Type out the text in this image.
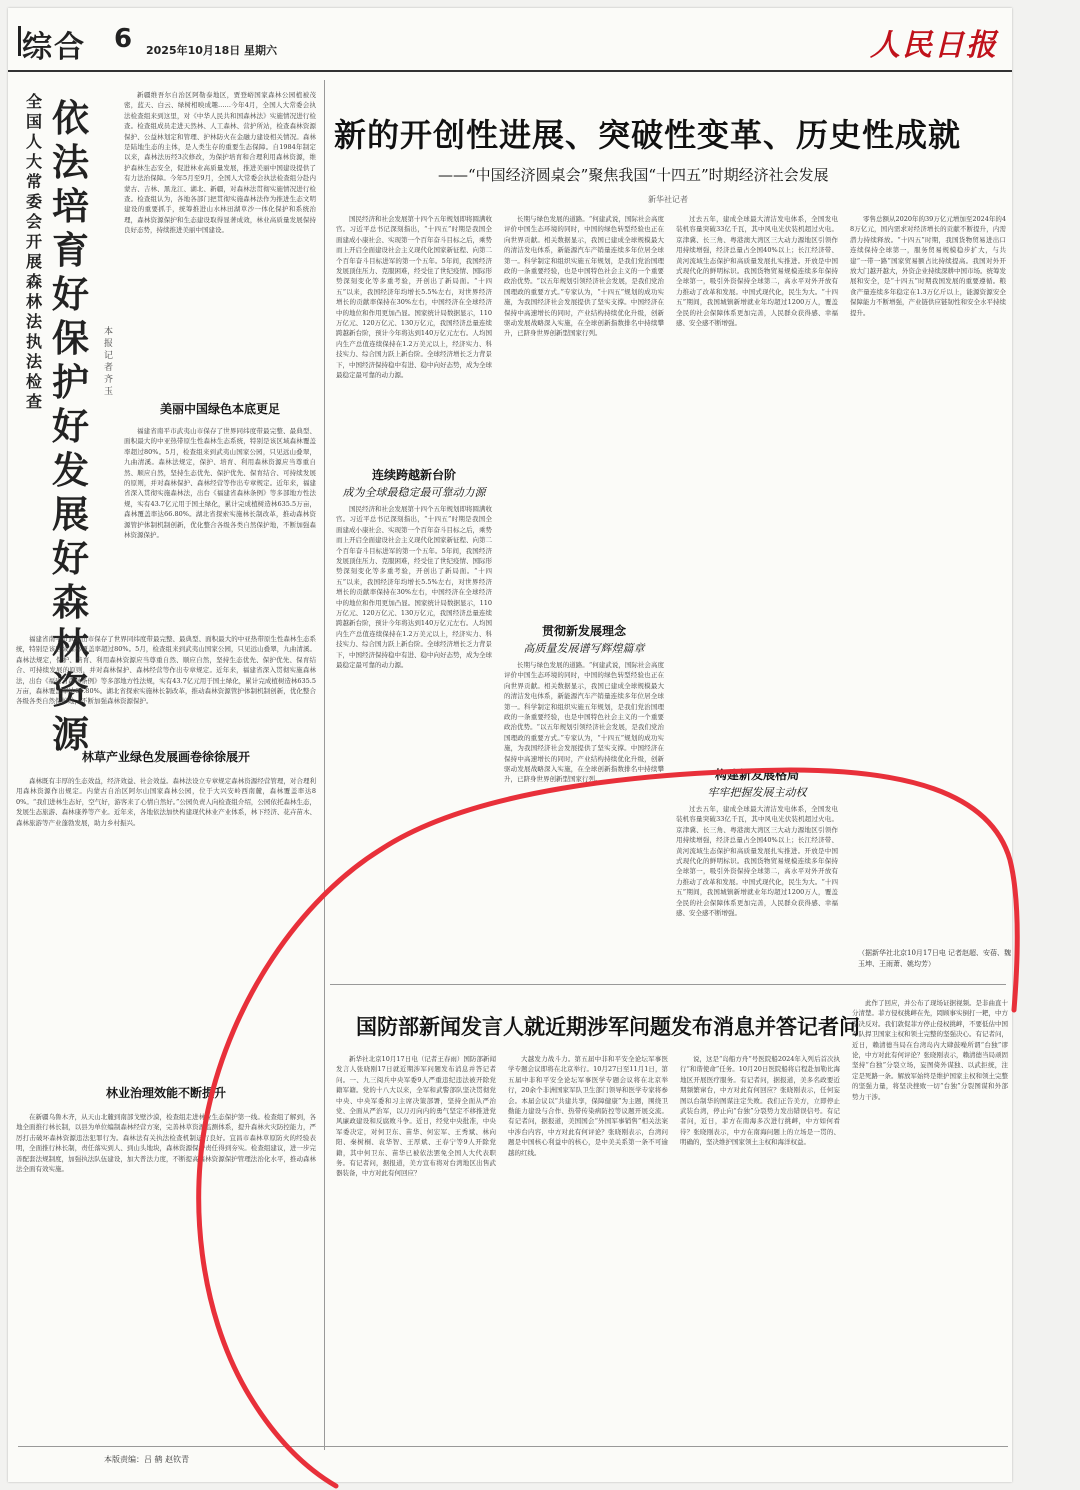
综合 6 2025年10月18日 星期六	人民日报
全国人大常委会开展森林法执法检查
依法培育好保护好发展好森林资源
本报记者 齐玉

新疆维吾尔自治区阿勒泰地区，贾登峪国家森林公园植被茂密，蓝天、白云、绿树相映成趣……今年4月，全国人大常委会执法检查组来到这里，对《中华人民共和国森林法》实施情况进行检查。检查组成员走进天然林、人工森林、营护所站，检查森林资源保护、公益林划定和管理、护林防火在金融力建设相关情况。森林是陆地生态的主体，是人类生存的重要生态保障。自1984年制定以来，森林法历经3次修改，为保护培育和合理利用森林资源，维护森林生态安全，促进林业高质量发展，推进美丽中国建设提供了有力法治保障。今年5月至9月，全国人大常委会执法检查组分赴内蒙古、吉林、黑龙江、湖北、新疆，对森林法贯彻实施情况进行检查。检查组认为，各地各部门把贯彻实施森林法作为推进生态文明建设的重要抓手，统筹推进山水林田湖草沙一体化保护和系统治理，森林资源保护和生态建设取得显著成效，林业高质量发展保持良好态势，持续推进美丽中国建设。

美丽中国绿色本底更足

福建省南平市武夷山市保存了世界同纬度带最完整、最典型、面积最大的中亚热带原生性森林生态系统，特别是该区域森林覆盖率超过80%。5月，检查组来到武夷山国家公园，只见远山叠翠，九曲清溪。森林法规定，保护、培育、利用森林资源应当尊重自然、顺应自然，坚持生态优先、保护优先、保育结合、可持续发展的原则，并对森林保护、森林经营等作出专章规定。近年来，福建省深入贯彻实施森林法，出台《福建省森林条例》等多部地方性法规，实有43.7亿元用于国土绿化，累计完成植树造林635.5万亩，森林覆盖率达66.80%。湖北省探索实施林长制改革，推动森林资源管护体制机制创新，优化整合各级各类自然保护地，不断加强森林资源保护。

福建省南平市武夷山市保存了世界同纬度带最完整、最典型、面积最大的中亚热带原生性森林生态系统，特别是该区域森林覆盖率超过80%。5月，检查组来到武夷山国家公园，只见远山叠翠，九曲清溪。森林法规定，保护、培育、利用森林资源应当尊重自然、顺应自然，坚持生态优先、保护优先、保育结合、可持续发展的原则，并对森林保护、森林经营等作出专章规定。近年来，福建省深入贯彻实施森林法，出台《福建省森林条例》等多部地方性法规，实有43.7亿元用于国土绿化，累计完成植树造林635.5万亩，森林覆盖率达66.80%。湖北省探索实施林长制改革，推动森林资源管护体制机制创新，优化整合各级各类自然保护地，不断加强森林资源保护。

林草产业绿色发展画卷徐徐展开

森林既有丰厚的生态效益，经济效益、社会效益。森林法设立专章规定森林资源经营管理，对合理利用森林资源作出规定。内蒙古自治区阿尔山国家森林公园，位于大兴安岭西南麓，森林覆盖率达80%。“我们进林生态好，空气好，游客来了心情自然好。”公园负责人向检查组介绍，公园依托森林生态，发展生态旅游、森林康养等产业。近年来，各地依法加快构建现代林业产业体系，林下经济、花卉苗木、森林旅游等产业蓬勃发展，助力乡村振兴。

林业治理效能不断提升

在新疆乌鲁木齐，从天山北麓到南部戈壁沙漠，检查组走进林业生态保护第一线。检查组了解到，各地全面推行林长制，以县为单位编制森林经营方案，完善林草资源监测体系，提升森林火灾防控能力，严厉打击破坏森林资源违法犯罪行为。森林法有关执法检查机制运行良好。宜昌市森林草原防火的经验表明，全面推行林长制，责任落实到人、到山头地块，森林资源保护责任得到夯实。检查组建议，进一步完善配套法规制度，加强执法队伍建设，加大普法力度，不断提高森林资源保护管理法治化水平，推动森林法全面有效实施。

本版责编：吕 鹤 赵钦青
新的开创性进展、突破性变革、历史性成就
——“中国经济圆桌会”聚焦我国“十四五”时期经济社会发展
新华社记者

国民经济和社会发展第十四个五年规划即将圆满收官。习近平总书记深刻指出，“十四五”时期是我国全面建成小康社会、实现第一个百年奋斗目标之后，乘势而上开启全面建设社会主义现代化国家新征程、向第二个百年奋斗目标进军的第一个五年。5年间，我国经济发展顶住压力、克服困难，经受住了世纪疫情、国际形势深刻变化等多重考验，开创出了新局面。“十四五”以来，我国经济年均增长5.5%左右，对世界经济增长的贡献率保持在30%左右，中国经济在全球经济中的地位和作用更加凸显。国家统计局数据显示，110万亿元、120万亿元、130万亿元，我国经济总量连续跨越新台阶，预计今年将达到140万亿元左右。人均国内生产总值连续保持在1.2万美元以上，经济实力、科技实力、综合国力跃上新台阶。全球经济增长乏力背景下，中国经济保持稳中有进、稳中向好态势，成为全球最稳定最可靠的动力源。

连续跨越新台阶
成为全球最稳定最可靠动力源

国民经济和社会发展第十四个五年规划即将圆满收官。习近平总书记深刻指出，“十四五”时期是我国全面建成小康社会、实现第一个百年奋斗目标之后，乘势而上开启全面建设社会主义现代化国家新征程、向第二个百年奋斗目标进军的第一个五年。5年间，我国经济发展顶住压力、克服困难，经受住了世纪疫情、国际形势深刻变化等多重考验，开创出了新局面。“十四五”以来，我国经济年均增长5.5%左右，对世界经济增长的贡献率保持在30%左右，中国经济在全球经济中的地位和作用更加凸显。国家统计局数据显示，110万亿元、120万亿元、130万亿元，我国经济总量连续跨越新台阶，预计今年将达到140万亿元左右。人均国内生产总值连续保持在1.2万美元以上，经济实力、科技实力、综合国力跃上新台阶。全球经济增长乏力背景下，中国经济保持稳中有进、稳中向好态势，成为全球最稳定最可靠的动力源。

长期与绿色发展的道路。“何建武说，国际社会高度评价中国生态环境的同时，中国的绿色转型经验也正在向世界贡献。相关数据显示，我国已建成全球规模最大的清洁发电体系，新能源汽车产销量连续多年位居全球第一。科学制定和组织实施五年规划，是我们党治国理政的一条重要经验，也是中国特色社会主义的一个重要政治优势。“以五年规划引领经济社会发展，是我们党治国理政的重要方式。”专家认为，“十四五”规划的成功实施，为我国经济社会发展提供了坚实支撑。中国经济在保持中高速增长的同时，产业结构持续优化升级，创新驱动发展战略深入实施，在全球创新指数排名中持续攀升，已跻身世界创新型国家行列。

贯彻新发展理念
高质量发展谱写辉煌篇章

长期与绿色发展的道路。“何建武说，国际社会高度评价中国生态环境的同时，中国的绿色转型经验也正在向世界贡献。相关数据显示，我国已建成全球规模最大的清洁发电体系，新能源汽车产销量连续多年位居全球第一。科学制定和组织实施五年规划，是我们党治国理政的一条重要经验，也是中国特色社会主义的一个重要政治优势。“以五年规划引领经济社会发展，是我们党治国理政的重要方式。”专家认为，“十四五”规划的成功实施，为我国经济社会发展提供了坚实支撑。中国经济在保持中高速增长的同时，产业结构持续优化升级，创新驱动发展战略深入实施，在全球创新指数排名中持续攀升，已跻身世界创新型国家行列。

过去五年，建成全球最大清洁发电体系，全国发电装机容量突破33亿千瓦，其中风电光伏装机超过火电。京津冀、长三角、粤港澳大湾区三大动力源地区引领作用持续增强，经济总量占全国40%以上；长江经济带、黄河流域生态保护和高质量发展扎实推进。开放是中国式现代化的鲜明标识。我国货物贸易规模连续多年保持全球第一，吸引外资保持全球第二，高水平对外开放有力推动了改革和发展。中国式现代化，民生为大。“十四五”期间，我国城镇新增就业年均超过1200万人，覆盖全民的社会保障体系更加完善，人民群众获得感、幸福感、安全感不断增强。

构建新发展格局
牢牢把握发展主动权

过去五年，建成全球最大清洁发电体系，全国发电装机容量突破33亿千瓦，其中风电光伏装机超过火电。京津冀、长三角、粤港澳大湾区三大动力源地区引领作用持续增强，经济总量占全国40%以上；长江经济带、黄河流域生态保护和高质量发展扎实推进。开放是中国式现代化的鲜明标识。我国货物贸易规模连续多年保持全球第一，吸引外资保持全球第二，高水平对外开放有力推动了改革和发展。中国式现代化，民生为大。“十四五”期间，我国城镇新增就业年均超过1200万人，覆盖全民的社会保障体系更加完善，人民群众获得感、幸福感、安全感不断增强。

零售总额从2020年的39万亿元增加至2024年的48万亿元，国内需求对经济增长的贡献不断提升，内需潜力持续释放。“十四五”时期，我国货物贸易进出口连续保持全球第一，服务贸易规模稳步扩大，与共建“一带一路”国家贸易额占比持续提高。我国对外开放大门越开越大，外资企业持续深耕中国市场。统筹发展和安全，是“十四五”时期我国发展的重要遵循。粮食产量连续多年稳定在1.3万亿斤以上，能源资源安全保障能力不断增强，产业链供应链韧性和安全水平持续提升。

（据新华社北京10月17日电 记者赵超、安蓓、魏玉坤、王雨萧、姚均芳）
国防部新闻发言人就近期涉军问题发布消息并答记者问

新华社北京10月17日电（记者王春雨）国防部新闻发言人张晓刚17日就近期涉军问题发布消息并答记者问。一、九三阅兵中央军委9人严重违纪违法被开除党籍军籍。党的十八大以来，全军和武警部队坚决贯彻党中央、中央军委和习主席决策部署，坚持全面从严治党、全面从严治军，以刀刃向内的勇气坚定不移推进党风廉政建设和反腐败斗争。近日，经党中央批准，中央军委决定，对何卫东、苗华、何宏军、王秀斌、林向阳、秦树桐、袁华智、王厚斌、王春宁等9人开除党籍，其中何卫东、苗华已被依法罢免全国人大代表职务。有记者问，据报道，美方宣布将对台湾地区出售武器装备，中方对此有何回应？

大越发力战斗力。第五届中非和平安全论坛军事医学专题会议即将在北京举行。10月27日至11月1日，第五届中非和平安全论坛军事医学专题会议将在北京举行，20余个非洲国家军队卫生部门领导和医学专家将参会。本届会议以“共建共享，保障健康”为主题，围绕卫勤能力建设与合作、热带传染病防控等议题开展交流。有记者问，据报道，美国国会“外国军事销售”相关法案中涉台内容，中方对此有何评论？张晓刚表示，台湾问题是中国核心利益中的核心，是中美关系第一条不可逾越的红线。

说，这是“岛船方舟”号医院船2024年入列后首次执行“和谐使命”任务。10月20日医院船将启程赴加勒比海地区开展医疗服务。有记者问，据报道，美多名政要近期频繁窜台，中方对此有何回应？张晓刚表示，任何妄图以台制华的图谋注定失败。我们正告美方，立即停止武装台湾，停止向“台独”分裂势力发出错误信号。有记者问，近日，菲方在南海多次进行挑衅，中方如何看待？张晓刚表示，中方在南海问题上的立场是一贯的、明确的，坚决维护国家领土主权和海洋权益。

此作了回应，并公布了现场证据视频。是非曲直十分清楚。菲方侵权挑衅在先，罔顾事实倒打一耙，中方坚决反对。我们敦促菲方停止侵权挑衅，不要低估中国军队捍卫国家主权和领土完整的坚强决心。有记者问，近日，赖清德当局在台湾岛内大肆鼓噪所谓“台独”谬论，中方对此有何评论？张晓刚表示，赖清德当局顽固坚持“台独”分裂立场，妄图倚外谋独、以武拒统，注定是死路一条。解放军始终是维护国家主权和领土完整的坚强力量，将坚决挫败一切“台独”分裂图谋和外部势力干涉。
